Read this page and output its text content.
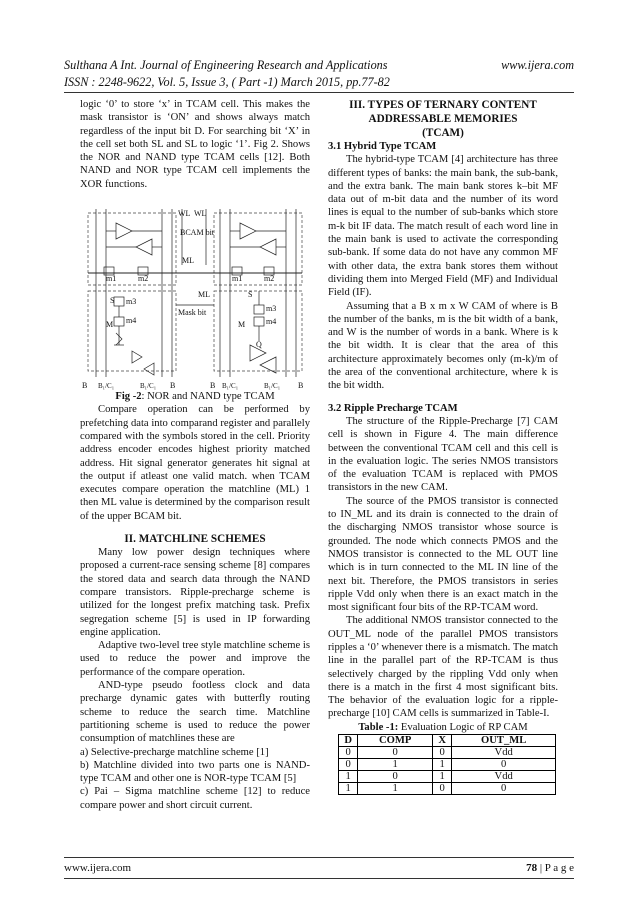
Sulthana A Int. Journal of Engineering Research and Applications	www.ijera.com
ISSN : 2248-9622, Vol. 5, Issue 3, ( Part -1) March 2015, pp.77-82

logic ‘0’ to store ‘x’ in TCAM cell. This makes the mask transistor is ‘ON’ and shows always match regardless of the input bit D. For searching bit ‘X’ in the cell set both SL and SL to logic ‘1’. Fig 2. Shows the NOR and NAND type TCAM cells [12]. Both NAND and NOR type TCAM cell implements the XOR functions.

WL WL
BCAM bit
ML
ML
Mask bit
m1	m2
m3
m4
S
M
m1	m2
m3
m4
S
M
Q
B B₁/C₁	B₁/C₁ B	B B₁/C₁	B₁/C₁ B

Fig -2: NOR and NAND type TCAM

Compare operation can be performed by prefetching data into comparand register and parallely compared with the symbols stored in the cell. Priority address encoder encodes highest priority matched address. Hit signal generator generates hit signal at the output if atleast one valid match. when TCAM executes compare operation the matchline (ML) 1 then ML value is determined by the comparison result of the upper BCAM bit.

II. MATCHLINE SCHEMES

Many low power design techniques where proposed a current-race sensing scheme [8] compares the stored data and search data through the NAND compare transistors. Ripple-precharge scheme is utilized for the longest prefix matching task. Prefix segregation scheme [5] is used in IP forwarding engine application.

Adaptive two-level tree style matchline scheme is used to reduce the power and improve the performance of the compare operation.

AND-type pseudo footless clock and data precharge dynamic gates with butterfly routing scheme to reduce the search time. Matchline partitioning scheme is used to reduce the power consumption of matchlines these are

a) Selective-precharge matchline scheme [1]

b) Matchline divided into two parts one is NAND-type TCAM and other one is NOR-type TCAM [5]

c) Pai – Sigma matchline scheme [12] to reduce compare power and short circuit current.

III. TYPES OF TERNARY CONTENT

ADDRESSABLE MEMORIES

(TCAM)

3.1 Hybrid Type TCAM

The hybrid-type TCAM [4] architecture has three different types of banks: the main bank, the sub-bank, and the extra bank. The main bank stores k–bit MF data out of m-bit data and the number of its word lines is equal to the number of sub-banks which store m-k bit IF data. The match result of each word line in the main bank is used to activate the corresponding sub-bank. If some data do not have any common MF with other data, the extra bank stores them without dividing them into Merged Field (MF) and Individual Field (IF).

Assuming that a B x m x W CAM of where is B the number of the banks, m is the bit width of a bank, and W is the number of words in a bank. Where is k the bit width. It is clear that the area of this architecture approximately becomes only (m-k)/m of the area of the conventional architecture, where k is the bit width.

3.2 Ripple Precharge TCAM

The structure of the Ripple-Precharge [7] CAM cell is shown in Figure 4. The main difference between the conventional TCAM cell and this cell is in the evaluation logic. The series NMOS transistors of the evaluation TCAM is replaced with PMOS transistors in the new CAM.

The source of the PMOS transistor is connected to IN_ML and its drain is connected to the drain of the discharging NMOS transistor whose source is grounded. The node which connects PMOS and the NMOS transistor is connected to the ML OUT line which is in turn connected to the ML IN line of the next bit. Therefore, the PMOS transistors in series ripple Vdd only when there is an exact match in the most significant four bits of the RP-TCAM word.

The additional NMOS transistor connected to the OUT_ML node of the parallel PMOS transistors ripples a ‘0’ whenever there is a mismatch. The match line in the parallel part of the RP-TCAM is thus selectively charged by the rippling Vdd only when there is a match in the first 4 most significant bits. The behavior of the evaluation logic for a ripple-precharge [10] CAM cells is summarized in Table-I.

Table -1: Evaluation Logic of RP CAM

D	COMP	X	OUT_ML
0	0	0	Vdd
0	1	1	0
1	0	1	Vdd
1	1	0	0
www.ijera.com	78 | P a g e
